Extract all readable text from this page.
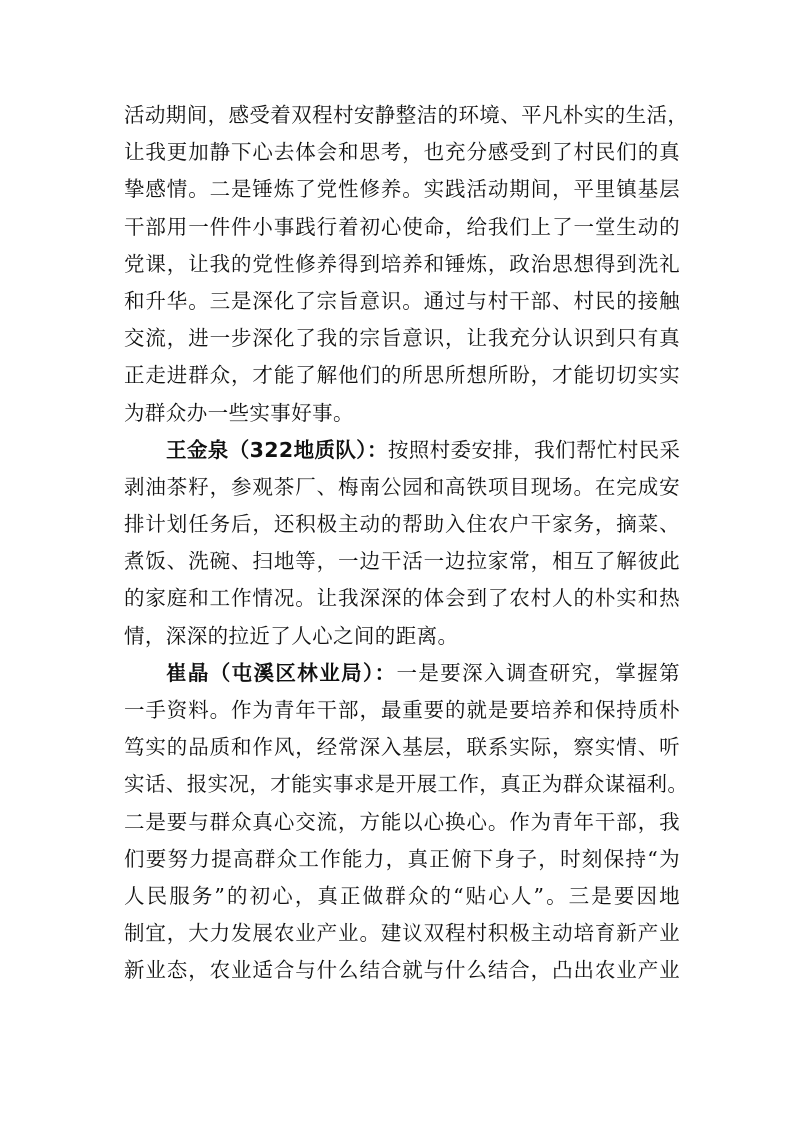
活动期间，感受着双程村安静整洁的环境、平凡朴实的生活，
让我更加静下心去体会和思考，也充分感受到了村民们的真
挚感情。二是锤炼了党性修养。实践活动期间，平里镇基层
干部用一件件小事践行着初心使命，给我们上了一堂生动的
党课，让我的党性修养得到培养和锤炼，政治思想得到洗礼
和升华。三是深化了宗旨意识。通过与村干部、村民的接触
交流，进一步深化了我的宗旨意识，让我充分认识到只有真
正走进群众，才能了解他们的所思所想所盼，才能切切实实
为群众办一些实事好事。
王金泉（322地质队）：按照村委安排，我们帮忙村民采
剥油茶籽，参观茶厂、梅南公园和高铁项目现场。在完成安
排计划任务后，还积极主动的帮助入住农户干家务，摘菜、
煮饭、洗碗、扫地等，一边干活一边拉家常，相互了解彼此
的家庭和工作情况。让我深深的体会到了农村人的朴实和热
情，深深的拉近了人心之间的距离。
崔晶（屯溪区林业局）：一是要深入调查研究，掌握第
一手资料。作为青年干部，最重要的就是要培养和保持质朴
笃实的品质和作风，经常深入基层，联系实际，察实情、听
实话、报实况，才能实事求是开展工作，真正为群众谋福利。
二是要与群众真心交流，方能以心换心。作为青年干部，我
们要努力提高群众工作能力，真正俯下身子，时刻保持“为
人民服务”的初心，真正做群众的“贴心人”。三是要因地
制宜，大力发展农业产业。建议双程村积极主动培育新产业
新业态，农业适合与什么结合就与什么结合，凸出农业产业
